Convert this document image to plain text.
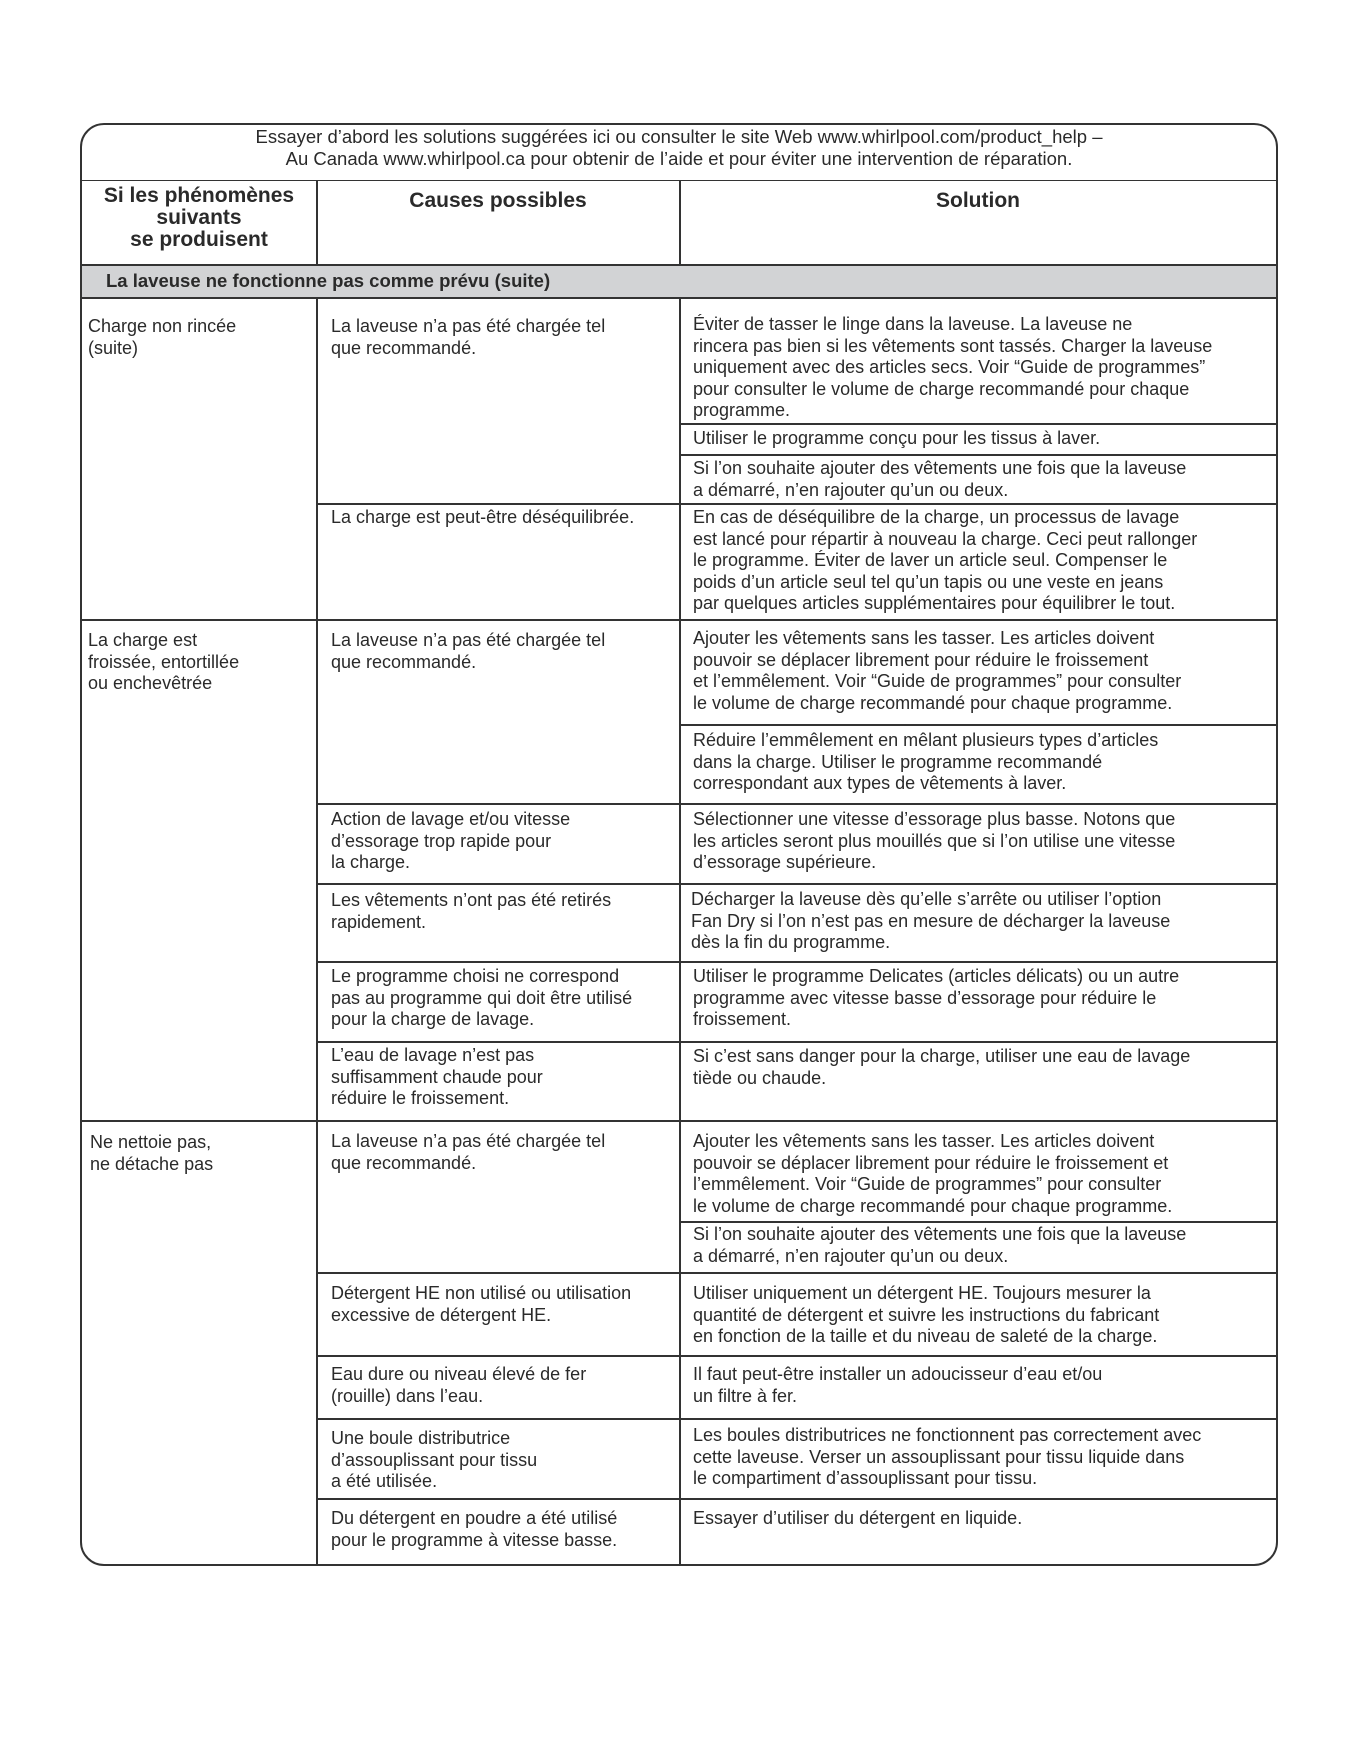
Essayer d’abord les solutions suggérées ici ou consulter le site Web www.whirlpool.com/product_help –
Au Canada www.whirlpool.ca pour obtenir de l’aide et pour éviter une intervention de réparation.
Si les phénomènes
suivants
se produisent
Causes possibles	Solution
La laveuse ne fonctionne pas comme prévu (suite)
Charge non rincée
(suite)
La charge est
froissée, entortillée
ou enchevêtrée
Ne nettoie pas,
ne détache pas
La laveuse n’a pas été chargée tel
que recommandé.
La charge est peut-être déséquilibrée.
La laveuse n’a pas été chargée tel
que recommandé.
Action de lavage et/ou vitesse
d’essorage trop rapide pour
la charge.
Les vêtements n’ont pas été retirés
rapidement.
Le programme choisi ne correspond
pas au programme qui doit être utilisé
pour la charge de lavage.
L’eau de lavage n’est pas
suffisamment chaude pour
réduire le froissement.
La laveuse n’a pas été chargée tel
que recommandé.
Détergent HE non utilisé ou utilisation
excessive de détergent HE.
Eau dure ou niveau élevé de fer
(rouille) dans l’eau.
Une boule distributrice
d’assouplissant pour tissu
a été utilisée.
Du détergent en poudre a été utilisé
pour le programme à vitesse basse.
Éviter de tasser le linge dans la laveuse. La laveuse ne
rincera pas bien si les vêtements sont tassés. Charger la laveuse
uniquement avec des articles secs. Voir “Guide de programmes”
pour consulter le volume de charge recommandé pour chaque
programme.
Utiliser le programme conçu pour les tissus à laver.
Si l’on souhaite ajouter des vêtements une fois que la laveuse
a démarré, n’en rajouter qu’un ou deux.
En cas de déséquilibre de la charge, un processus de lavage
est lancé pour répartir à nouveau la charge. Ceci peut rallonger
le programme. Éviter de laver un article seul. Compenser le
poids d’un article seul tel qu’un tapis ou une veste en jeans
par quelques articles supplémentaires pour équilibrer le tout.
Ajouter les vêtements sans les tasser. Les articles doivent
pouvoir se déplacer librement pour réduire le froissement
et l’emmêlement. Voir “Guide de programmes” pour consulter
le volume de charge recommandé pour chaque programme.
Réduire l’emmêlement en mêlant plusieurs types d’articles
dans la charge. Utiliser le programme recommandé
correspondant aux types de vêtements à laver.
Sélectionner une vitesse d’essorage plus basse. Notons que
les articles seront plus mouillés que si l’on utilise une vitesse
d’essorage supérieure.
Décharger la laveuse dès qu’elle s’arrête ou utiliser l’option
Fan Dry si l’on n’est pas en mesure de décharger la laveuse
dès la fin du programme.
Utiliser le programme Delicates (articles délicats) ou un autre
programme avec vitesse basse d’essorage pour réduire le
froissement.
Si c’est sans danger pour la charge, utiliser une eau de lavage
tiède ou chaude.
Ajouter les vêtements sans les tasser. Les articles doivent
pouvoir se déplacer librement pour réduire le froissement et
l’emmêlement. Voir “Guide de programmes” pour consulter
le volume de charge recommandé pour chaque programme.
Si l’on souhaite ajouter des vêtements une fois que la laveuse
a démarré, n’en rajouter qu’un ou deux.
Utiliser uniquement un détergent HE. Toujours mesurer la
quantité de détergent et suivre les instructions du fabricant
en fonction de la taille et du niveau de saleté de la charge.
Il faut peut-être installer un adoucisseur d’eau et/ou
un filtre à fer.
Les boules distributrices ne fonctionnent pas correctement avec
cette laveuse. Verser un assouplissant pour tissu liquide dans
le compartiment d’assouplissant pour tissu.
Essayer d’utiliser du détergent en liquide.
